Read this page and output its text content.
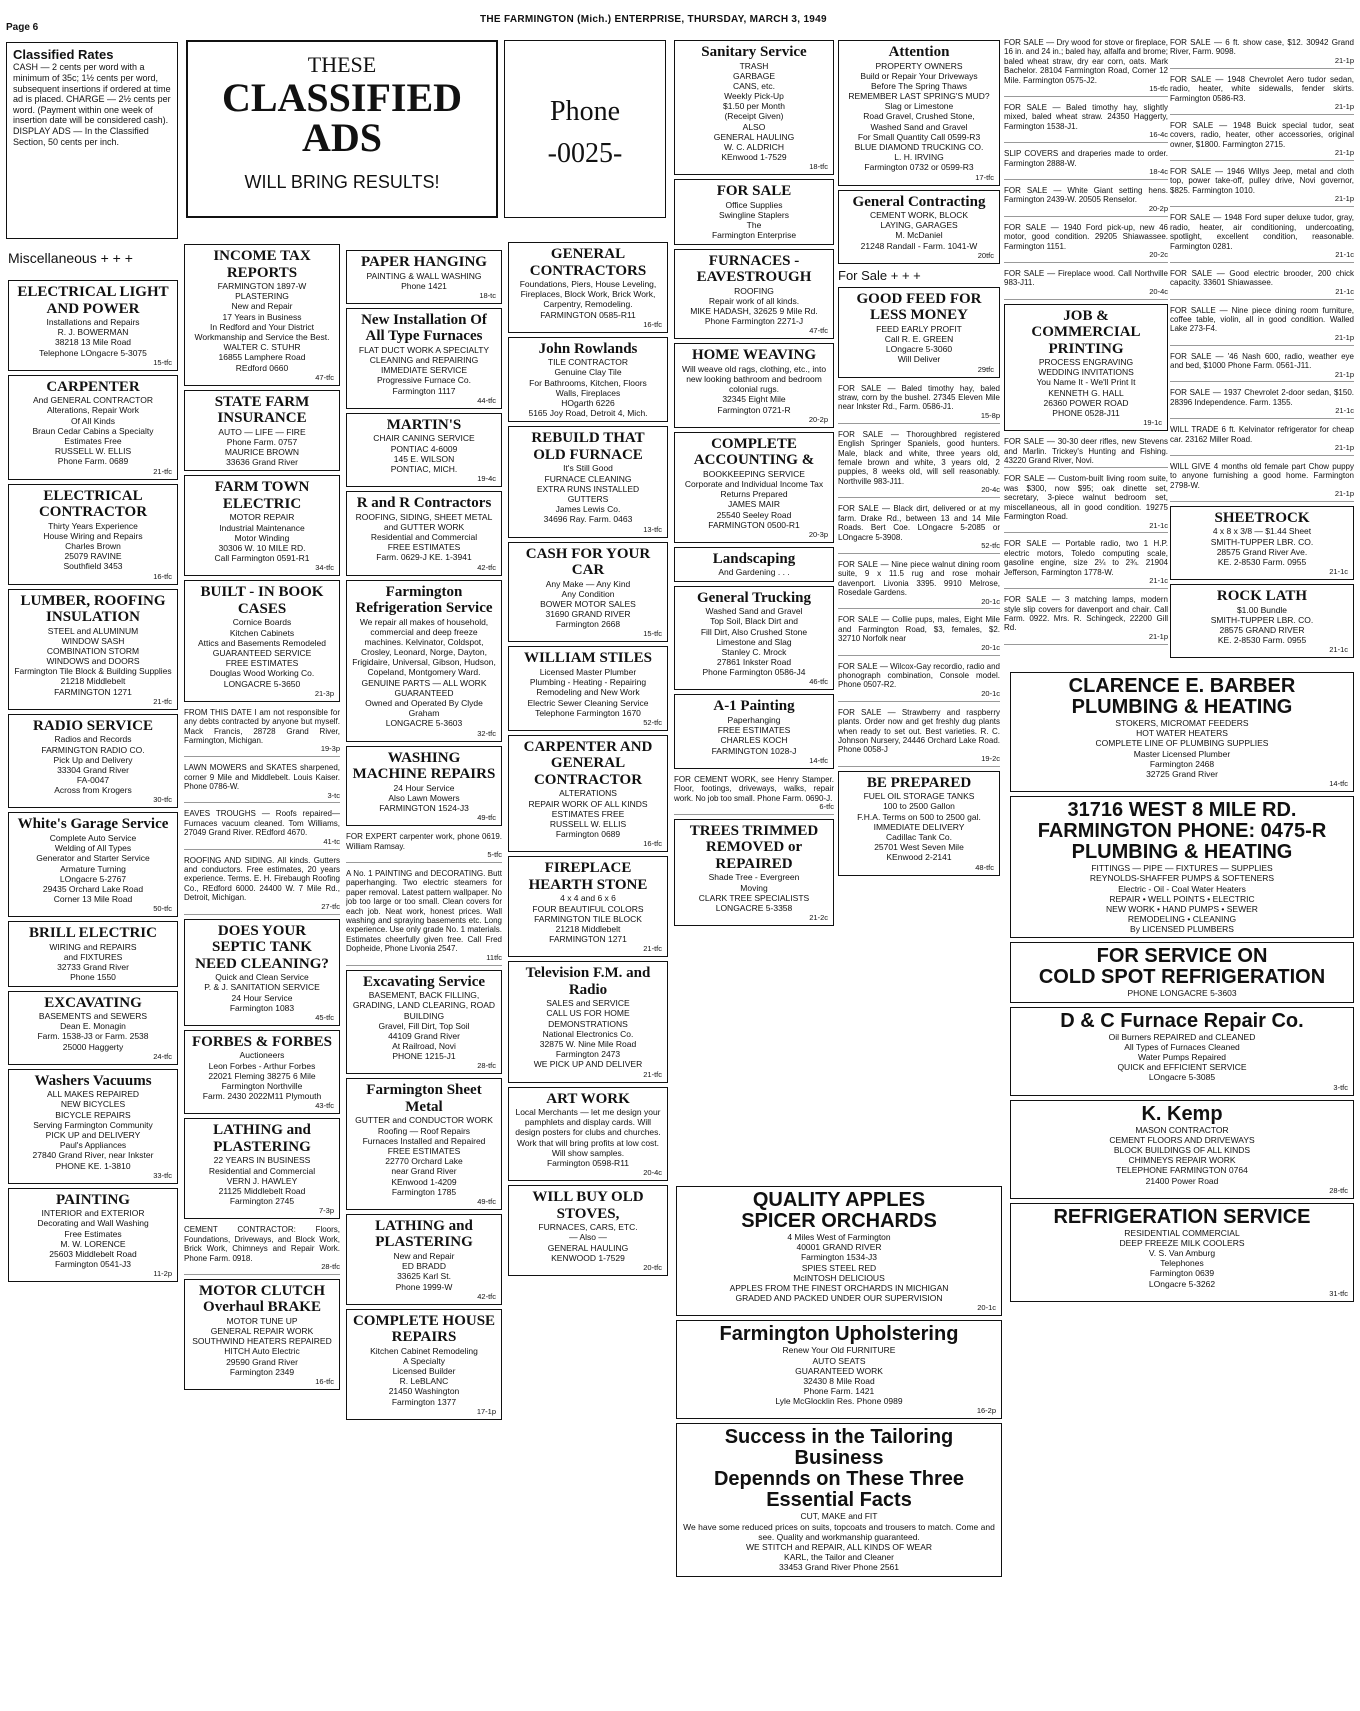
Page 6
THE FARMINGTON (Mich.) ENTERPRISE, THURSDAY, MARCH 3, 1949
Classified Rates
CASH — 2 cents per word with a minimum of 35c; 1½ cents per word, subsequent insertions if ordered at time ad is placed. CHARGE — 2½ cents per word. (Payment within one week of insertion date will be considered cash). DISPLAY ADS — In the Classified Section, 50 cents per inch.
THESE
CLASSIFIED
ADS
WILL BRING RESULTS!
Phone
-0025-
Miscellaneous + + +
ELECTRICAL LIGHT AND POWER
Installations and Repairs
R. J. BOWERMAN
38218 13 Mile Road
Telephone LOngacre 5-3075
15-tfc
CARPENTER
And GENERAL CONTRACTOR
Alterations, Repair Work
Of All Kinds
Braun Cedar Cabins a Specialty
Estimates Free
RUSSELL W. ELLIS
Phone Farm. 0689
21-tfc
ELECTRICAL CONTRACTOR
Thirty Years Experience
House Wiring and Repairs
Charles Brown
25079 RAVINE
Southfield 3453
16-tfc
LUMBER, ROOFING INSULATION
STEEL and ALUMINUM
WINDOW SASH
COMBINATION STORM
WINDOWS and DOORS
Farmington Tile Block & Building Supplies
21218 Middlebelt
FARMINGTON 1271
21-tfc
RADIO SERVICE
Radios and Records
FARMINGTON RADIO CO.
Pick Up and Delivery
33304 Grand River
FA-0047
Across from Krogers
30-tfc
White's Garage Service
Complete Auto Service
Welding of All Types
Generator and Starter Service
Armature Turning
LOngacre 5-2767
29435 Orchard Lake Road
Corner 13 Mile Road
50-tfc
BRILL ELECTRIC
WIRING and REPAIRS
and FIXTURES
32733 Grand River
Phone 1550
EXCAVATING
BASEMENTS and SEWERS
Dean E. Monagin
Farm. 1538-J3 or Farm. 2538
25000 Haggerty
24-tfc
Washers Vacuums
ALL MAKES REPAIRED
NEW BICYCLES
BICYCLE REPAIRS
Serving Farmington Community
PICK UP and DELIVERY
Paul's Appliances
27840 Grand River, near Inkster
PHONE KE. 1-3810
33-tfc
PAINTING
INTERIOR and EXTERIOR
Decorating and Wall Washing
Free Estimates
M. W. LORENCE
25603 Middlebelt Road
Farmington 0541-J3
11-2p
INCOME TAX REPORTS
FARMINGTON 1897-W
PLASTERING
New and Repair
17 Years in Business
In Redford and Your District
Workmanship and Service the Best.
WALTER C. STUHR
16855 Lamphere Road
REdford 0660
47-tfc
STATE FARM INSURANCE
AUTO — LIFE — FIRE
Phone Farm. 0757
MAURICE BROWN
33636 Grand River
FARM TOWN ELECTRIC
MOTOR REPAIR
Industrial Maintenance
Motor Winding
30306 W. 10 MILE RD.
Call Farmington 0591-R1
34-tfc
BUILT - IN BOOK CASES
Cornice Boards
Kitchen Cabinets
Attics and Basements Remodeled
GUARANTEED SERVICE
FREE ESTIMATES
Douglas Wood Working Co.
LONGACRE 5-3650
21-3p
FROM THIS DATE I am not responsible for any debts contracted by anyone but myself. Mack Francis, 28728 Grand River, Farmington, Michigan.
19-3p
LAWN MOWERS and SKATES sharpened, corner 9 Mile and Middlebelt. Louis Kaiser. Phone 0786-W.
3-tc
EAVES TROUGHS — Roofs repaired—Furnaces vacuum cleaned. Tom Williams, 27049 Grand River. REdford 4670.
41-tc
ROOFING AND SIDING. All kinds. Gutters and conductors. Free estimates, 20 years experience. Terms. E. H. Firebaugh Roofing Co., REdford 6000. 24400 W. 7 Mile Rd., Detroit, Michigan.
27-tfc
DOES YOUR SEPTIC TANK NEED CLEANING?
Quick and Clean Service
P. & J. SANITATION SERVICE
24 Hour Service
Farmington 1083
45-tfc
FORBES & FORBES
Auctioneers
Leon Forbes - Arthur Forbes
22021 Fleming 38275 6 Mile
Farmington Northville
Farm. 2430 2022M11 Plymouth
43-tfc
LATHING and PLASTERING
22 YEARS IN BUSINESS
Residential and Commercial
VERN J. HAWLEY
21125 Middlebelt Road
Farmington 2745
7-3p
CEMENT CONTRACTOR: Floors, Foundations, Driveways, and Block Work, Brick Work, Chimneys and Repair Work. Phone Farm. 0918.
28-tfc
MOTOR CLUTCH Overhaul BRAKE
MOTOR TUNE UP
GENERAL REPAIR WORK
SOUTHWIND HEATERS REPAIRED
HITCH Auto Electric
29590 Grand River
Farmington 2349
16-tfc
PAPER HANGING
PAINTING & WALL WASHING
Phone 1421
18-tc
New Installation Of All Type Furnaces
FLAT DUCT WORK A SPECIALTY
CLEANING and REPAIRING
IMMEDIATE SERVICE
Progressive Furnace Co.
Farmington 1117
44-tfc
MARTIN'S
CHAIR CANING SERVICE
PONTIAC 4-6009
145 E. WILSON
PONTIAC, MICH.
19-4c
R and R Contractors
ROOFING, SIDING, SHEET METAL and GUTTER WORK
Residential and Commercial
FREE ESTIMATES
Farm. 0629-J KE. 1-3941
42-tfc
Farmington Refrigeration Service
We repair all makes of household, commercial and deep freeze machines. Kelvinator, Coldspot, Crosley, Leonard, Norge, Dayton, Frigidaire, Universal, Gibson, Hudson, Copeland, Montgomery Ward.
GENUINE PARTS — ALL WORK GUARANTEED
Owned and Operated By Clyde Graham
LONGACRE 5-3603
32-tfc
WASHING MACHINE REPAIRS
24 Hour Service
Also Lawn Mowers
FARMINGTON 1524-J3
49-tfc
FOR EXPERT carpenter work, phone 0619. William Ramsay.
5-tfc
A No. 1 PAINTING and DECORATING. Butt paperhanging. Two electric steamers for paper removal. Latest pattern wallpaper. No job too large or too small. Clean covers for each job. Neat work, honest prices. Wall washing and spraying basements etc. Long experience. Use only grade No. 1 materials. Estimates cheerfully given free. Call Fred Dopheide, Phone Livonia 2547.
11tfc
Excavating Service
BASEMENT, BACK FILLING, GRADING, LAND CLEARING, ROAD BUILDING
Gravel, Fill Dirt, Top Soil
44109 Grand River
At Railroad, Novi
PHONE 1215-J1
28-tfc
Farmington Sheet Metal
GUTTER and CONDUCTOR WORK
Roofing — Roof Repairs
Furnaces Installed and Repaired
FREE ESTIMATES
22770 Orchard Lake
near Grand River
KEnwood 1-4209
Farmington 1785
49-tfc
LATHING and PLASTERING
New and Repair
ED BRADD
33625 Karl St.
Phone 1999-W
42-tfc
COMPLETE HOUSE REPAIRS
Kitchen Cabinet Remodeling
A Specialty
Licensed Builder
R. LeBLANC
21450 Washington
Farmington 1377
17-1p
GENERAL CONTRACTORS
Foundations, Piers, House Leveling, Fireplaces, Block Work, Brick Work, Carpentry, Remodeling.
FARMINGTON 0585-R11
16-tfc
John Rowlands
TILE CONTRACTOR
Genuine Clay Tile
For Bathrooms, Kitchen, Floors
Walls, Fireplaces
HOgarth 6226
5165 Joy Road, Detroit 4, Mich.
REBUILD THAT OLD FURNACE
It's Still Good
FURNACE CLEANING
EXTRA RUNS INSTALLED
GUTTERS
James Lewis Co.
34696 Ray. Farm. 0463
13-tfc
CASH FOR YOUR CAR
Any Make — Any Kind
Any Condition
BOWER MOTOR SALES
31690 GRAND RIVER
Farmington 2668
15-tfc
WILLIAM STILES
Licensed Master Plumber
Plumbing - Heating - Repairing
Remodeling and New Work
Electric Sewer Cleaning Service
Telephone Farmington 1670
52-tfc
CARPENTER AND GENERAL CONTRACTOR
ALTERATIONS
REPAIR WORK OF ALL KINDS
ESTIMATES FREE
RUSSELL W. ELLIS
Farmington 0689
16-tfc
FIREPLACE HEARTH STONE
4 x 4 and 6 x 6
FOUR BEAUTIFUL COLORS
FARMINGTON TILE BLOCK
21218 Middlebelt
FARMINGTON 1271
21-tfc
Television F.M. and Radio
SALES and SERVICE
CALL US FOR HOME DEMONSTRATIONS
National Electronics Co.
32875 W. Nine Mile Road
Farmington 2473
WE PICK UP AND DELIVER
21-tfc
ART WORK
Local Merchants — let me design your pamphlets and display cards. Will design posters for clubs and churches. Work that will bring profits at low cost. Will show samples.
Farmington 0598-R11
20-4c
WILL BUY OLD STOVES,
FURNACES, CARS, ETC.
— Also —
GENERAL HAULING
KENWOOD 1-7529
20-tfc
Sanitary Service
TRASH
GARBAGE
CANS, etc.
Weekly Pick-Up
$1.50 per Month
(Receipt Given)
ALSO
GENERAL HAULING
W. C. ALDRICH
KEnwood 1-7529
18-tfc
FOR SALE
Office Supplies
Swingline Staplers
The
Farmington Enterprise
FURNACES - EAVESTROUGH
ROOFING
Repair work of all kinds.
MIKE HADASH, 32625 9 Mile Rd.
Phone Farmington 2271-J
47-tfc
HOME WEAVING
Will weave old rags, clothing, etc., into new looking bathroom and bedroom colonial rugs.
32345 Eight Mile
Farmington 0721-R
20-2p
COMPLETE ACCOUNTING &
BOOKKEEPING SERVICE
Corporate and Individual Income Tax Returns Prepared
JAMES MAIR
25540 Seeley Road
FARMINGTON 0500-R1
20-3p
Landscaping
And Gardening . . .
General Trucking
Washed Sand and Gravel
Top Soil, Black Dirt and
Fill Dirt, Also Crushed Stone
Limestone and Slag
Stanley C. Mrock
27861 Inkster Road
Phone Farmington 0586-J4
46-tfc
A-1 Painting
Paperhanging
FREE ESTIMATES
CHARLES KOCH
FARMINGTON 1028-J
14-tfc
FOR CEMENT WORK, see Henry Stamper. Floor, footings, driveways, walks, repair work. No job too small. Phone Farm. 0690-J.
6-tfc
TREES TRIMMED REMOVED or REPAIRED
Shade Tree - Evergreen
Moving
CLARK TREE SPECIALISTS
LONGACRE 5-3358
21-2c
Attention
PROPERTY OWNERS
Build or Repair Your Driveways
Before The Spring Thaws
REMEMBER LAST SPRING'S MUD?
Slag or Limestone
Road Gravel, Crushed Stone,
Washed Sand and Gravel
For Small Quantity Call 0599-R3
BLUE DIAMOND TRUCKING CO.
L. H. IRVING
Farmington 0732 or 0599-R3
17-tfc
General Contracting
CEMENT WORK, BLOCK
LAYING, GARAGES
M. McDaniel
21248 Randall - Farm. 1041-W
20tfc
For Sale + + +
GOOD FEED FOR LESS MONEY
FEED EARLY PROFIT
Call R. E. GREEN
LOngacre 5-3060
Will Deliver
29tfc
FOR SALE — Baled timothy hay, baled straw, corn by the bushel. 27345 Eleven Mile near Inkster Rd., Farm. 0586-J1.
15-8p
FOR SALE — Thoroughbred registered English Springer Spaniels, good hunters. Male, black and white, three years old, female brown and white, 3 years old, 2 puppies, 8 weeks old, will sell reasonably. Northville 983-J11.
20-4c
FOR SALE — Black dirt, delivered or at my farm. Drake Rd., between 13 and 14 Mile Roads. Bert Coe. LOngacre 5-2085 or LOngacre 5-3908.
52-tfc
FOR SALE — Nine piece walnut dining room suite, 9 x 11.5 rug and rose mohair davenport. Livonia 3395. 9910 Melrose, Rosedale Gardens.
20-1c
FOR SALE — Collie pups, males, Eight Mile and Farmington Road, $3, females, $2. 32710 Norfolk near
20-1c
FOR SALE — Wilcox-Gay recordio, radio and phonograph combination, Console model. Phone 0507-R2.
20-1c
FOR SALE — Strawberry and raspberry plants. Order now and get freshly dug plants when ready to set out. Best varieties. R. C. Johnson Nursery, 24446 Orchard Lake Road. Phone 0058-J
19-2c
BE PREPARED
FUEL OIL STORAGE TANKS
100 to 2500 Gallon
F.H.A. Terms on 500 to 2500 gal.
IMMEDIATE DELIVERY
Cadillac Tank Co.
25701 West Seven Mile
KEnwood 2-2141
48-tfc
FOR SALE — Dry wood for stove or fireplace, 16 in. and 24 in.; baled hay, alfalfa and brome; baled wheat straw, dry ear corn, oats. Mark Bachelor. 28104 Farmington Road, Corner 12 Mile. Farmington 0575-J2.
15-tfc
FOR SALE — Baled timothy hay, slightly mixed, baled wheat straw. 24350 Haggerty, Farmington 1538-J1.
16-4c
SLIP COVERS and draperies made to order. Farmington 2888-W.
18-4c
FOR SALE — White Giant setting hens. Farmington 2439-W. 20505 Renselor.
20-2p
FOR SALE — 1940 Ford pick-up, new 46 motor, good condition. 29205 Shiawassee. Farmington 1151.
20-2c
FOR SALE — Fireplace wood. Call Northville 983-J11.
20-4c
JOB & COMMERCIAL PRINTING
PROCESS ENGRAVING
WEDDING INVITATIONS
You Name It - We'll Print It
KENNETH G. HALL
26360 POWER ROAD
PHONE 0528-J11
19-1c
FOR SALE — 30-30 deer rifles, new Stevens and Marlin. Trickey's Hunting and Fishing. 43220 Grand River, Novi.
FOR SALE — Custom-built living room suite, was $300, now $95; oak dinette set, secretary, 3-piece walnut bedroom set, miscellaneous, all in good condition. 19275 Farmington Road.
21-1c
FOR SALE — Portable radio, two 1 H.P. electric motors, Toledo computing scale, gasoline engine, size 2¼ to 2¾. 21904 Jefferson, Farmington 1778-W.
21-1c
FOR SALE — 3 matching lamps, modern style slip covers for davenport and chair. Call Farm. 0922. Mrs. R. Schingeck, 22200 Gill Rd.
21-1p
FOR SALE — 6 ft. show case, $12. 30942 Grand River, Farm. 9098.
21-1p
FOR SALE — 1948 Chevrolet Aero tudor sedan, radio, heater, white sidewalls, fender skirts. Farmington 0586-R3.
21-1p
FOR SALE — 1948 Buick special tudor, seat covers, radio, heater, other accessories, original owner, $1800. Farmington 2715.
21-1p
FOR SALE — 1946 Willys Jeep, metal and cloth top, power take-off, pulley drive, Novi governor, $825. Farmington 1010.
21-1p
FOR SALE — 1948 Ford super deluxe tudor, gray, radio, heater, air conditioning, undercoating, spotlight, excellent condition, reasonable. Farmington 0281.
21-1c
FOR SALE — Good electric brooder, 200 chick capacity. 33601 Shiawassee.
21-1c
FOR SALLE — Nine piece dining room furniture, coffee table, violin, all in good condition. Walled Lake 273-F4.
21-1p
FOR SALE — '46 Nash 600, radio, weather eye and bed, $1000 Phone Farm. 0561-J11.
21-1p
FOR SALE — 1937 Chevrolet 2-door sedan, $150. 28396 Independence. Farm. 1355.
21-1c
WILL TRADE 6 ft. Kelvinator refrigerator for cheap car. 23162 Miller Road.
21-1p
WILL GIVE 4 months old female part Chow puppy to anyone furnishing a good home. Farmington 2798-W.
21-1p
SHEETROCK
4 x 8 x 3/8 — $1.44 Sheet
SMITH-TUPPER LBR. CO.
28575 Grand River Ave.
KE. 2-8530 Farm. 0955
21-1c
ROCK LATH
$1.00 Bundle
SMITH-TUPPER LBR. CO.
28575 GRAND RIVER
KE. 2-8530 Farm. 0955
21-1c
CLARENCE E. BARBER
PLUMBING & HEATING
STOKERS, MICROMAT FEEDERS
HOT WATER HEATERS
COMPLETE LINE OF PLUMBING SUPPLIES
Master Licensed Plumber
Farmington 2468
32725 Grand River
14-tfc
31716 WEST 8 MILE RD. FARMINGTON PHONE: 0475-R
PLUMBING & HEATING
FITTINGS — PIPE — FIXTURES — SUPPLIES
REYNOLDS-SHAFFER PUMPS & SOFTENERS
Electric - Oil - Coal Water Heaters
REPAIR • WELL POINTS • ELECTRIC
NEW WORK • HAND PUMPS • SEWER
REMODELING • CLEANING
By LICENSED PLUMBERS
FOR SERVICE ON
COLD SPOT REFRIGERATION
PHONE LONGACRE 5-3603
D & C Furnace Repair Co.
Oil Burners REPAIRED and CLEANED
All Types of Furnaces Cleaned
Water Pumps Repaired
QUICK and EFFICIENT SERVICE
LOngacre 5-3085
3-tfc
K. Kemp
MASON CONTRACTOR
CEMENT FLOORS AND DRIVEWAYS
BLOCK BUILDINGS OF ALL KINDS
CHIMNEYS REPAIR WORK
TELEPHONE FARMINGTON 0764
21400 Power Road
28-tfc
REFRIGERATION SERVICE
RESIDENTIAL COMMERCIAL
DEEP FREEZE MILK COOLERS
V. S. Van Amburg
Telephones
Farmington 0639
LOngacre 5-3262
31-tfc
QUALITY APPLES
SPICER ORCHARDS
4 Miles West of Farmington
40001 GRAND RIVER
Farmington 1534-J3
SPIES STEEL RED
McINTOSH DELICIOUS
APPLES FROM THE FINEST ORCHARDS IN MICHIGAN
GRADED AND PACKED UNDER OUR SUPERVISION
20-1c
Farmington Upholstering
Renew Your Old FURNITURE
AUTO SEATS
GUARANTEED WORK
32430 8 Mile Road
Phone Farm. 1421
Lyle McGlocklin Res. Phone 0989
16-2p
Success in the Tailoring Business
Depennds on These Three Essential Facts
CUT, MAKE and FIT
We have some reduced prices on suits, topcoats and trousers to match. Come and see. Quality and workmanship guaranteed.
WE STITCH and REPAIR, ALL KINDS OF WEAR
KARL, the Tailor and Cleaner
33453 Grand River Phone 2561
